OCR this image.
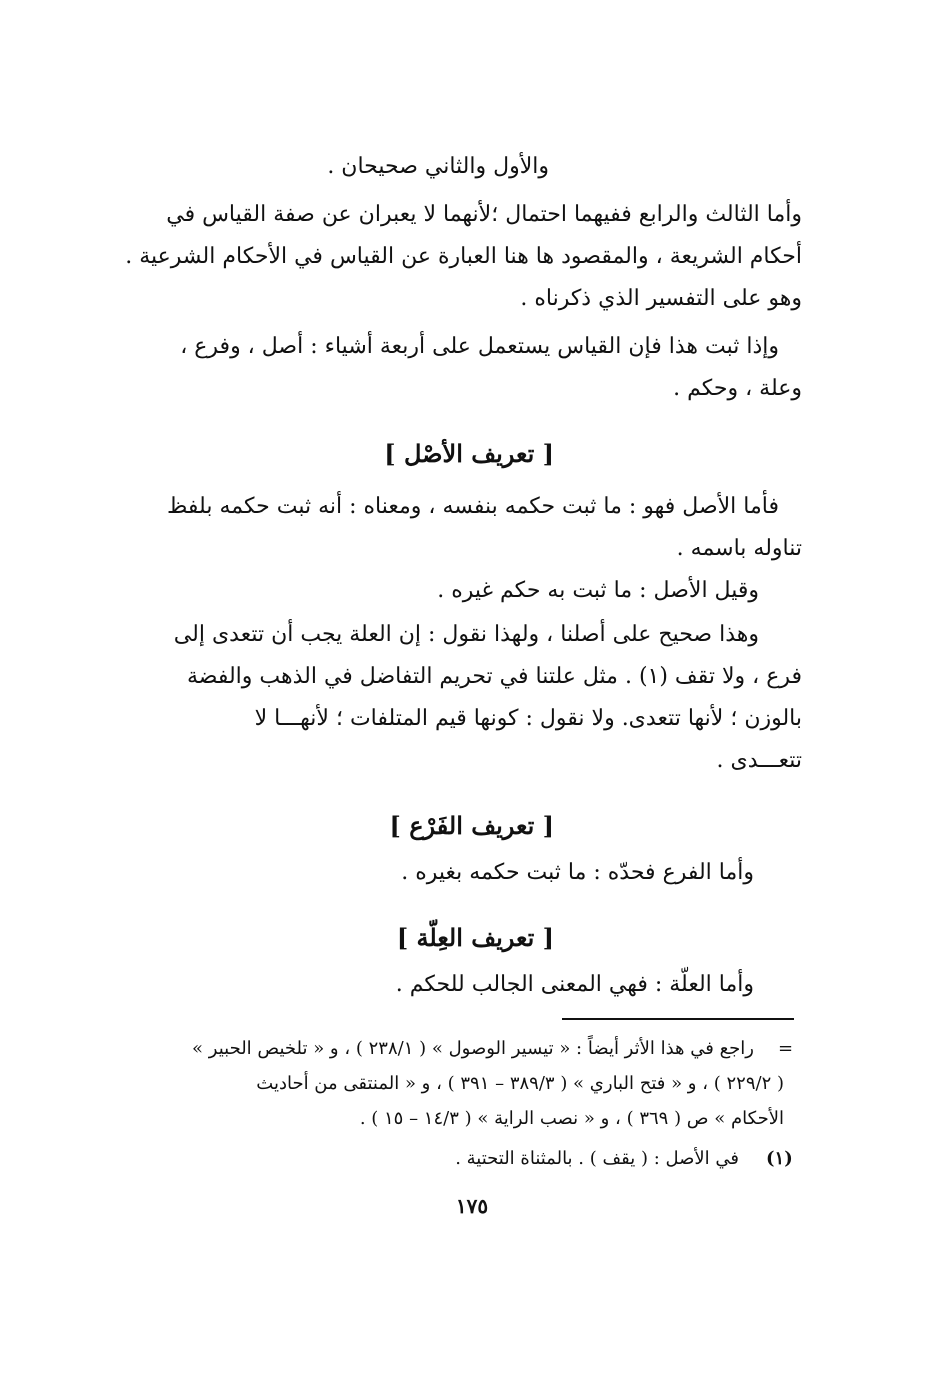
والأول والثاني صحيحان .
وأما الثالث والرابع ففيهما احتمال ؛لأنهما لا يعبران عن صفة القياس في
أحكام الشريعة ، والمقصود ها هنا العبارة عن القياس في الأحكام الشرعية .
وهو على التفسير الذي ذكرناه .
وإذا ثبت هذا فإن القياس يستعمل على أربعة أشياء : أصل ، وفرع ،
وعلة ، وحكم .
[ تعريف الأصْل ]
فأما الأصل فهو : ما ثبت حكمه بنفسه ، ومعناه : أنه ثبت حكمه بلفظ
تناوله باسمه .
وقيل الأصل : ما ثبت به حكم غيره .
وهذا صحيح على أصلنا ، ولهذا نقول : إن العلة يجب أن تتعدى إلى
فرع ، ولا تقف (١) . مثل علتنا في تحريم التفاضل في الذهب والفضة
بالوزن ؛ لأنها تتعدى. ولا نقول : كونها قيم المتلفات ؛ لأنهـــا لا
تتعـــدى .
[ تعريف الفَرْع ]
وأما الفرع فحدّه : ما ثبت حكمه بغيره .
[ تعريف العِلّة ]
وأما العلّة : فهي المعنى الجالب للحكم .
=
راجع في هذا الأثر أيضاً : « تيسير الوصول » ( ٢٣٨/١ ) ، و « تلخيص الحبير »
( ٢٢٩/٢ ) ، و « فتح الباري » ( ٣٨٩/٣ – ٣٩١ ) ، و « المنتقى من أحاديث
الأحكام » ص ( ٣٦٩ ) ، و « نصب الراية » ( ١٤/٣ – ١٥ ) .
(١)
في الأصل : ( يقف ) . بالمثناة التحتية .
١٧٥
